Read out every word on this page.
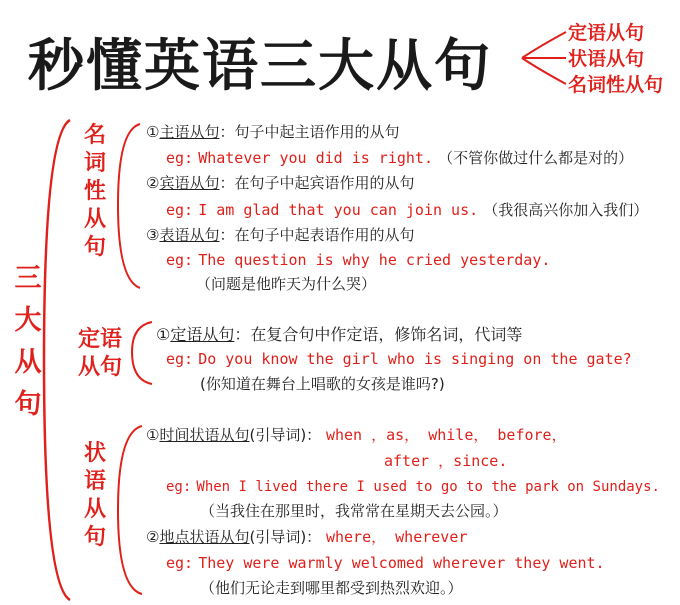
秒懂英语三大从句
定语从句
状语从句
名词性从句
三
大
从
句
名
词
性
从
句
定语
从句
状
语
从
句
①主语从句：句子中起主语作用的从句
eg: Whatever you did is right. （不管你做过什么都是对的）
②宾语从句：在句子中起宾语作用的从句
eg: I am glad that you can join us. （我很高兴你加入我们）
③表语从句：在句子中起表语作用的从句
eg: The question is why he cried yesterday.
（问题是他昨天为什么哭）
①定语从句：在复合句中作定语，修饰名词，代词等
eg: Do you know the girl who is singing on the gate?
(你知道在舞台上唱歌的女孩是谁吗?)
①时间状语从句(引导词)： when ，as， while， before，
after ，since.
eg: When I lived there I used to go to the park on Sundays.
（当我住在那里时，我常常在星期天去公园。）
②地点状语从句(引导词)： where， wherever
eg: They were warmly welcomed wherever they went.
（他们无论走到哪里都受到热烈欢迎。）
